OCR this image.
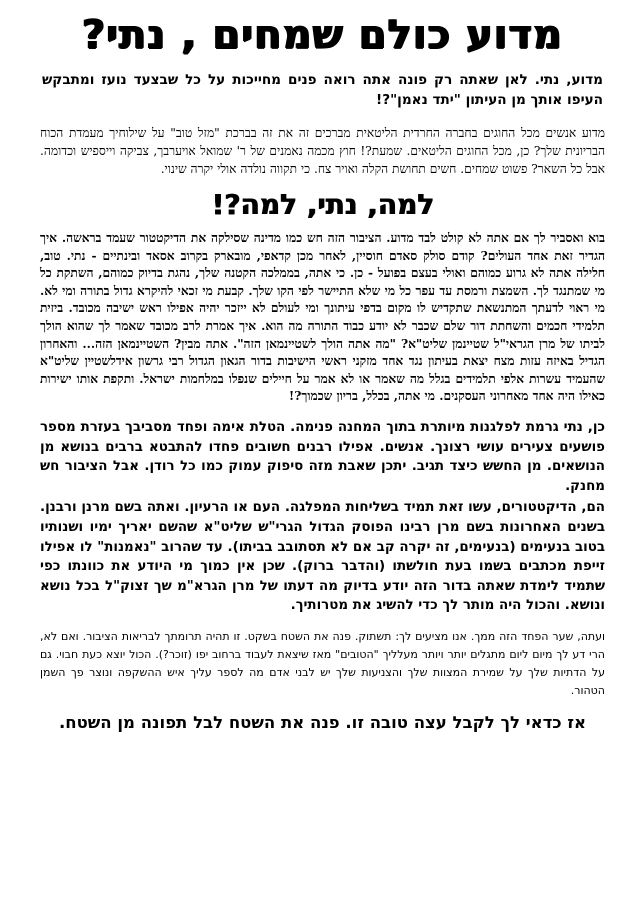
מדוע כולם שמחים , נתי?

מדוע, נתי. לאן שאתה רק פונה אתה רואה פנים מחייכות על כל שבצעד נועז ומתבקש העיפו אותך מן העיתון "יתד נאמן"?!

מדוע אנשים מכל החוגים בחברה החרדית הליטאית מברכים זה את זה בברכת "מזל טוב" על שילוחיך מעמדת הכוח הבריונית שלך? כן, מכל החוגים הליטאים. שמעת?! חוץ מכמה נאמנים של ר' שמואל אויערבך, צביקה וייספיש וכדומה. אבל כל השאר? פשוט שמחים. חשים תחושת הקלה ואויר צח. כי תקווה נולדה אולי יקרה שינוי.

למה, נתי, למה?!

בוא ואסביר לך אם אתה לא קולט לבד מדוע. הציבור הזה חש כמו מדינה שסילקה את הדיקטטור שעמד בראשה. איך הגדיר זאת אחד העולים? קודם סולק סאדם חוסיין, לאחר מכן קדאפי, מובארק בקרוב אסאד ובינתיים - נתי. טוב, חלילה אתה לא גרוע כמוהם ואולי בעצם בפועל - כן. כי אתה, בממלכה הקטנה שלך, נהגת בדיוק כמוהם, השתקת כל מי שמתנגד לך. השמצת ורמסת עד עפר כל מי שלא התיישר לפי הקו שלך. קבעת מי זכאי להיקרא גדול בתורה ומי לא. מי ראוי לדעתך המתנשאת שתקדיש לו מקום בדפי עיתונך ומי לעולם לא ייזכר יהיה אפילו ראש ישיבה מכובד. ביזית תלמידי חכמים והשחתת דור שלם שכבר לא יודע כבוד התורה מה הוא. איך אמרת לרב מכובד שאמר לך שהוא הולך לביתו של מרן הגראי"ל שטיינמן שליט"א? "מה אתה הולך לשטיינמאן הזה". אתה מבין? השטיינמאן הזה... והאחרון הגדיל באיזה עזות מצח יצאת בעיתון נגד אחד מזקני ראשי הישיבות בדור הגאון הגדול רבי גרשון אידלשטיין שליט"א שהעמיד עשרות אלפי תלמידים בגלל מה שאמר או לא אמר על חיילים שנפלו במלחמות ישראל. ותקפת אותו ישירות כאילו היה אחד מאחרוני העסקנים. מי אתה, בכלל, בריון שכמוך?!

כן, נתי גרמת לפלגנות מיותרת בתוך המחנה פנימה. הטלת אימה ופחד מסביבך בעזרת מספר פושעים צעירים עושי רצונך. אנשים. אפילו רבנים חשובים פחדו להתבטא ברבים בנושא מן הנושאים. מן החשש כיצד תגיב. יתכן שאבת מזה סיפוק עמוק כמו כל רודן. אבל הציבור חש מחנק.

הם, הדיקטטורים, עשו זאת תמיד בשליחות המפלגה. העם או הרעיון. ואתה בשם מרנן ורבנן. בשנים האחרונות בשם מרן רבינו הפוסק הגדול הגרי"ש שליט"א שהשם יאריך ימיו ושנותיו בטוב בנעימים (בנעימים, זה יקרה קב אם לא תסתובב בביתו). עד שהרוב "נאמנות" לו אפילו זייפת מכתבים בשמו בעת חולשתו (והדבר ברוק). שכן אין כמוך מי היודע את כוונתו כפי שתמיד לימדת שאתה בדור הזה יודע בדיוק מה דעתו של מרן הגרא"מ שך זצוק"ל בכל נושא ונושא. והכול היה מותר לך כדי להשיג את מטרותיך.

ועתה, שער הפחד הזה ממך. אנו מציעים לך: תשתוק. פנה את השטח בשקט. זו תהיה תרומתך לבריאות הציבור. ואם לא, הרי דע לך מיום ליום מתגלים יותר ויותר מעלליך "הטובים" מאז שיצאת לעבוד ברחוב יפו (זוכר?). הכול יוצא כעת חבוי. גם על הדתיות שלך על שמירת המצוות שלך והצניעות שלך יש לבני אדם מה לספר עליך איש ההשקפה ונוצר פך השמן הטהור.

אז כדאי לך לקבל עצה טובה זו. פנה את השטח לבל תפונה מן השטח.
